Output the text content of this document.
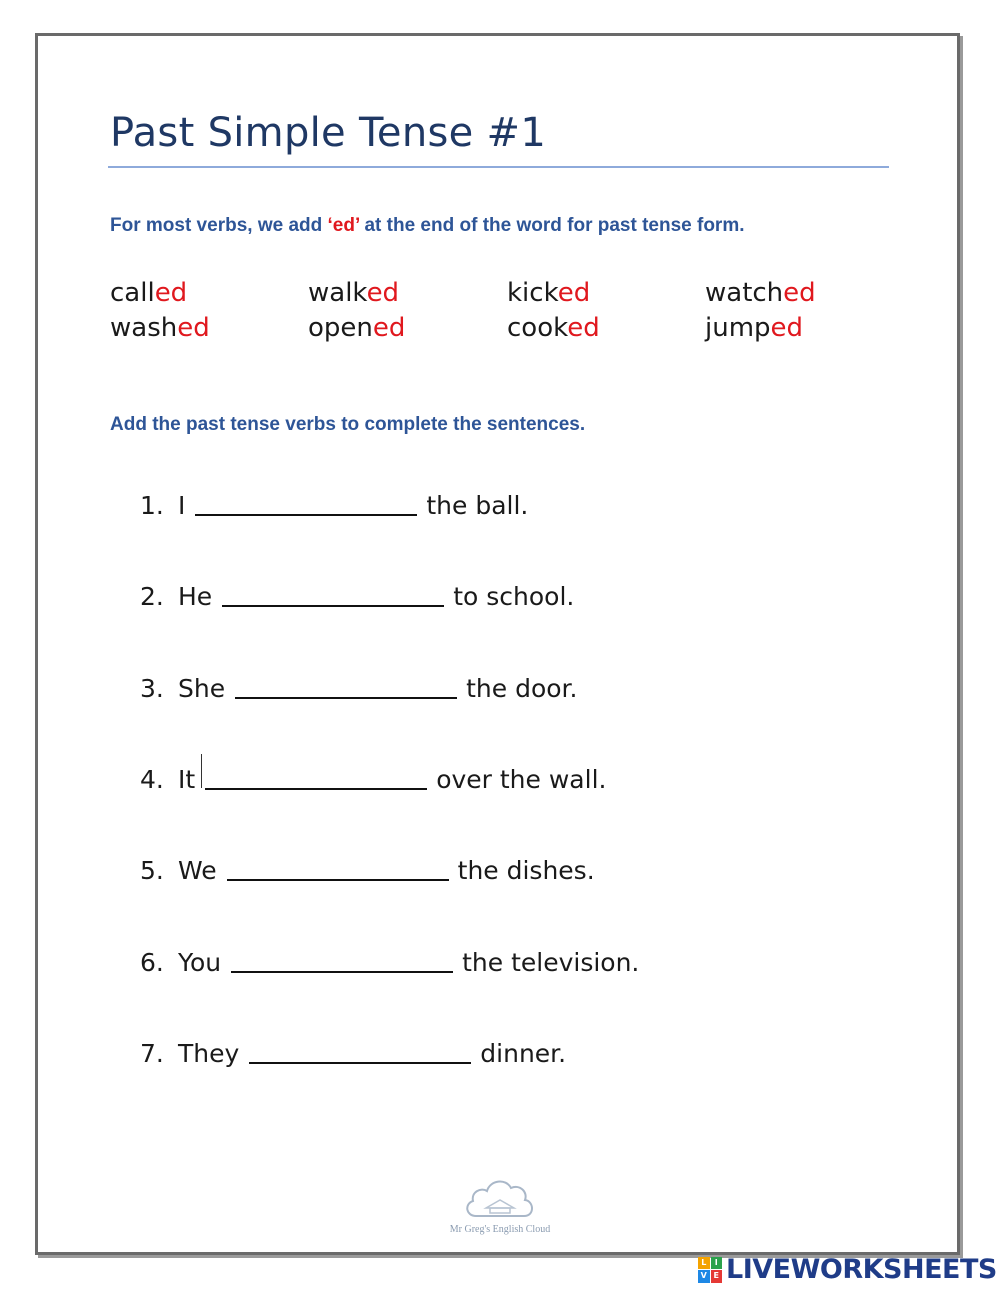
Past Simple Tense #1
For most verbs, we add ‘ed’ at the end of the word for past tense form.
called	walked	kicked	watched
washed	opened	cooked	jumped
Add the past tense verbs to complete the sentences.
1. I	the ball.
2. He	to school.
3. She	the door.
4. It	over the wall.
5. We	the dishes.
6. You	the television.
7. They	dinner.
Mr Greg's English Cloud
L	I
V E LIVEWORKSHEETS
